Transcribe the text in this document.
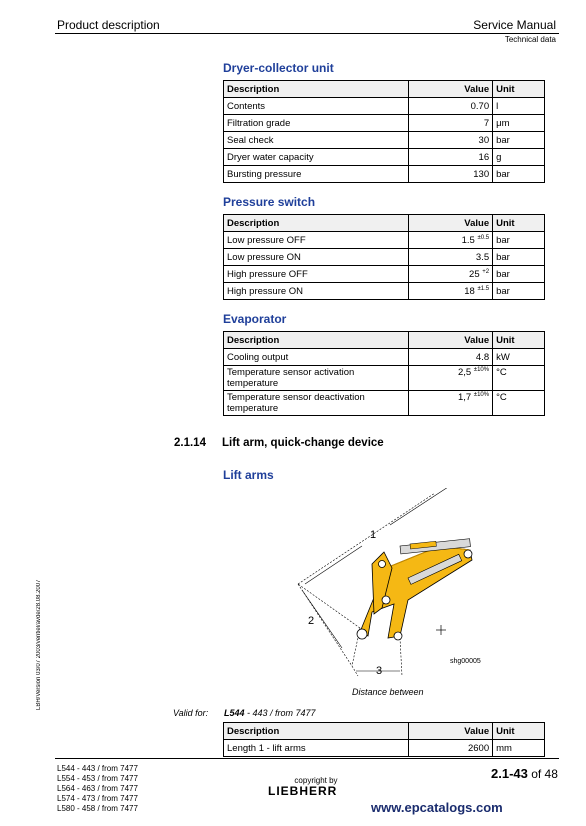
Product description	Service Manual
Technical data
Dryer-collector unit
Description	Value	Unit
Contents	0.70	l
Filtration grade	7	μm
Seal check	30	bar
Dryer water capacity	16	g
Bursting pressure	130	bar
Pressure switch
Description	Value	Unit
Low pressure OFF	1.5 $^{\pm 0.5}$	bar
Low pressure ON	3.5	bar
High pressure OFF	25 $^{+2}$	bar
High pressure ON	18 $^{\pm 1.5}$	bar
Evaporator
Description	Value	Unit
Cooling output	4.8	kW
Temperature sensor activation temperature	2,5 $^{\pm 10\%}$	°C
Temperature sensor deactivation temperature	1,7 $^{\pm 10\%}$	°C
2.1.14 Lift arm, quick-change device
Lift arms
1
2
3
shg00005
Distance between
Valid for: L544 - 443 / from 7477
Description	Value	Unit
Length 1 - lift arms	2600	mm
LBH/Version 03/07 2003/ventiel/avde/28.08.2007
L544 - 443 / from 7477
L554 - 453 / from 7477
L564 - 463 / from 7477
L574 - 473 / from 7477
L580 - 458 / from 7477
copyright by
LIEBHERR
2.1-43 of 48
www.epcatalogs.com
